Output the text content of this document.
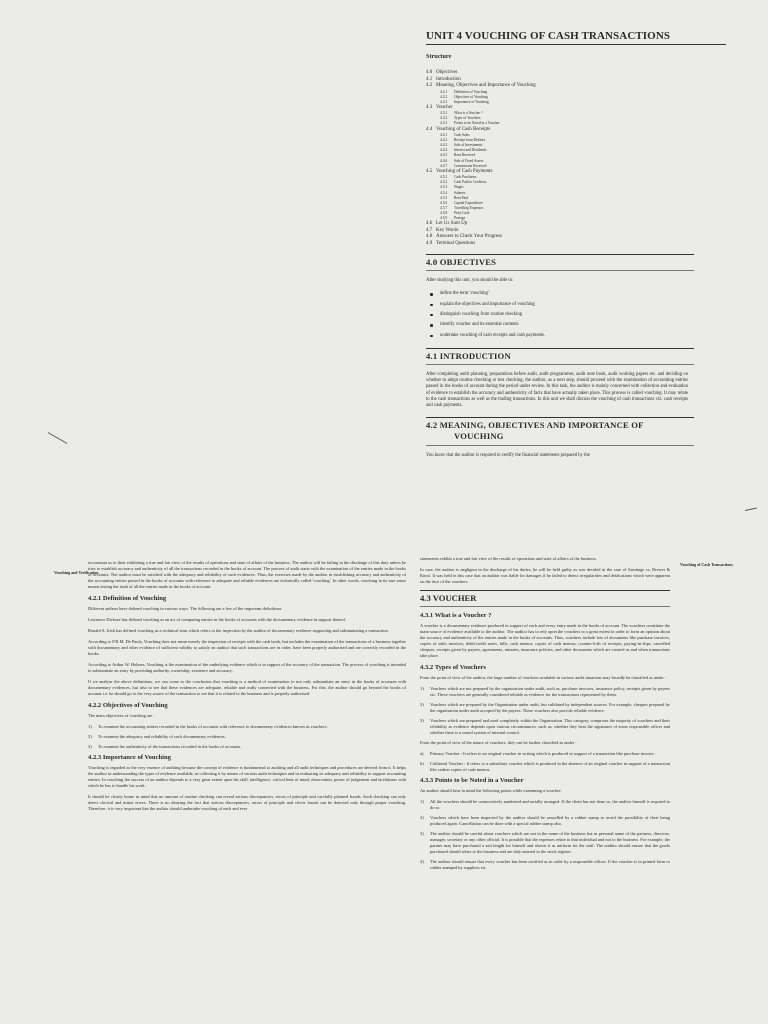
UNIT 4 VOUCHING OF CASH TRANSACTIONS
Structure
4.0 Objectives
4.1 Introduction
4.2 Meaning, Objectives and Importance of Vouching
4.2.1 Definition of Vouching
4.2.2 Objectives of Vouching
4.2.3 Importance of Vouching
4.3 Voucher
4.3.1 What is a Voucher ?
4.3.2 Types of Vouchers
4.3.3 Points to be Noted in a Voucher
4.4 Vouching of Cash Receipts
4.4.1 Cash Sales
4.4.2 Receipt from Debtors
4.4.3 Sale of Investments
4.4.4 Interest and Dividends
4.4.5 Rent Received
4.4.6 Sale of Fixed Assets
4.4.7 Commission Received
4.5 Vouching of Cash Payments
4.5.1 Cash Purchases
4.5.2 Cash Paid to Creditors
4.5.3 Wages
4.5.4 Salaries
4.5.5 Rent Paid
4.5.6 Capital Expenditure
4.5.7 Travelling Expenses
4.5.8 Petty Cash
4.5.9 Postage
4.6 Let Us Sum Up
4.7 Key Words
4.8 Answers to Check Your Progress
4.9 Terminal Questions
4.0 OBJECTIVES
After studying this unit, you should be able to:
define the term 'vouching'
explain the objectives and importance of vouching
distinguish vouching from routine checking
identify voucher and its essential contents
undertake vouching of cash receipts and cash payments.
4.1 INTRODUCTION
After completing audit planning, preparations before audit, audit programmes, audit note book, audit working papers etc. and deciding on whether to adopt routine checking or test checking, the auditor, as a next step, should proceed with the examination of accounting entries passed in the books of account during the period under review. In this task, the auditor is mainly concerned with collection and evaluation of evidence to establish the accuracy and authenticity of facts that have actually taken place. This process is called vouching. It may relate to the cash transactions as well as the trading transactions. In this unit we shall discuss the vouching of cash transactions viz. cash receipts and cash payments.
4.2 MEANING, OBJECTIVES AND IMPORTANCE OF
VOUCHING
You know that the auditor is required to certify the financial statements prepared by the
Vouching and Verification
accountant as to their exhibiting a true and fair view of the results of operations and state of affairs of the business. The auditor will be failing in the discharge of this duty unless he tries to establish accuracy and authenticity of all the transactions recorded in the books of account. The process of audit starts with the examination of the entries made in the books of accounts. The auditor must be satisfied with the adequacy and reliability of such evidences. Thus, the exercises made by the auditor in establishing accuracy and authenticity of the accounting entries passed in the books of accounts with reference to adequate and reliable evidences are technically called 'vouching'. In other words, vouching in its true sense means testing the truth of all the entries made in the books of account.
4.2.1 Definition of Vouching
Different authors have defined vouching in various ways. The following are a few of the important definitions.
Lawrence Dicksee has defined vouching as an act of comparing entries in the books of accounts with the documentary evidence in support thereof.
Ronald A. Irish has defined vouching as a technical term which refers to the inspection by the auditor of documentary evidence supporting and substantiating a transaction.
According to F.R.M. De Paula, Vouching does not mean merely the inspection of receipts with the cash book, but includes the examination of the transactions of a business together with documentary and other evidence of sufficient validity to satisfy an auditor that such transactions are in order, have been properly authorised and are correctly recorded in the books.
According to Arthur W. Holmes, Vouching is the examination of the underlying evidence which is in support of the accuracy of the transaction. The process of vouching is intended to substantiate an entry by providing authority, ownership, existence and accuracy.
If we analyse the above definitions, we can come to the conclusion that vouching is a method of examination to not only substantiate an entry in the books of accounts with documentary evidences, but also to see that these evidences are adequate, reliable and really connected with the business. For this, the auditor should go beyond the books of account i.e. he should go to the very source of the transaction to see that it is related to the business and is properly authorised.
4.2.2 Objectives of Vouching
The main objectives of vouching are :
1) To examine the accounting entries recorded in the books of accounts with reference to documentary evidences known as vouchers.
2) To examine the adequacy and reliability of such documentary evidences.
3) To examine the authenticity of the transactions recorded in the books of accounts.
4.2.3 Importance of Vouching
Vouching is regarded as the very essence of auditing because the concept of evidence is fundamental to auditing and all audit techniques and procedures are derived from it. It helps the auditor in understanding the types of evidence available, in collecting it by means of various audit techniques and in evaluating its adequacy and reliability to support accounting entries. In vouching the success of an auditor depends to a very great extent upon his skill, intelligence, critical bent of mind, observation, power of judgement and tactfulness with which he has to handle his work.
It should be clearly borne in mind that no amount of routine checking can reveal serious discrepancies, errors of principle and carefully planned frauds. Such checking can only detect clerical and minor errors. There is no denying the fact that serious discrepancies, errors of principle and clever frauds can be detected only through proper vouching. Therefore, it is very important that the auditor should undertake vouching of each and ever
Vouching of Cash Transactions
statements exhibit a true and fair view of the results of operations and state of affairs of the business.
In case, the auditor is negligent in the discharge of his duties, he will be held guilty as was decided in the case of Armitage vs. Brewer & Knott. It was held in this case that an auditor was liable for damages if he failed to detect irregularities and defalcations which were apparent on the face of the vouchers.
4.3 VOUCHER
4.3.1 What is a Voucher ?
A voucher is a documentary evidence produced in support of each and every entry made in the books of account. The vouchers constitute the main source of evidence available to the auditor. The auditor has to rely upon the vouchers to a great extent in order to form an opinion about the accuracy and authenticity of the entries made in the books of accounts. Thus, vouchers include lots of documents like purchase invoices, copies of sales invoices, debit/credit notes, bills, cash memos, copies of cash memos, counter-foils of receipts, paying-in-slips, cancelled cheques, receipts given by payees, agreements, minutes, insurance policies, and other documents which are created as and when transactions take place.
4.3.2 Types of Vouchers
From the point of view of the auditor, the large number of vouchers available in various audit situations may broadly be classified as under :
1) Vouchers which are not prepared by the organisation under audit, such as, purchase invoices, insurance policy, receipts given by payees etc. These vouchers are generally considered reliable as evidence for the transactions represented by them.
2) Vouchers which are prepared by the Organisation under audit, but validated by independent sources. For example, cheques prepared by the organisation under audit accepted by the payees. These vouchers also provide reliable evidence.
3) Vouchers which are prepared and used completely within the Organisation. This category, comprises the majority of vouchers and their reliability as evidence depends upon various circumstances, such as, whether they bear the signatures of some responsible officer and whether there is a sound system of internal control.
From the point of view of the nature of vouchers, they can be further classified as under :
a) Primary Voucher : It refers to an original voucher in writing which is produced in support of a transaction like purchase invoice.
b) Collateral Voucher : It refers to a subsidiary voucher which is produced in the absence of an original voucher in support of a transaction like carbon copies of cash memos.
4.3.3 Points to be Noted in a Voucher
An auditor should bear in mind the following points while examining a voucher:
1) All the vouchers should be consecutively numbered and serially arranged. If the client has not done so, the auditor himself is required to do so.
2) Vouchers which have been inspected by the auditor should be cancelled by a rubber stamp to avoid the possibility of their being produced again. Cancellation can be done with a special rubber stamp also.
3) The auditor should be careful about vouchers which are not in the name of the business but in personal name of the partners, directors, manager, secretary or any other official. It is possible that the expenses relate to that individual and not to the business. For example, the partner may have purchased a suit length for himself and shown it as uniform for the staff. The auditor should ensure that the goods purchased should relate to the business and are duly entered in the stock register.
4) The auditor should ensure that every voucher has been certified as in order by a responsible officer. If the voucher is in printed form or rubber stamped by suppliers etc.
